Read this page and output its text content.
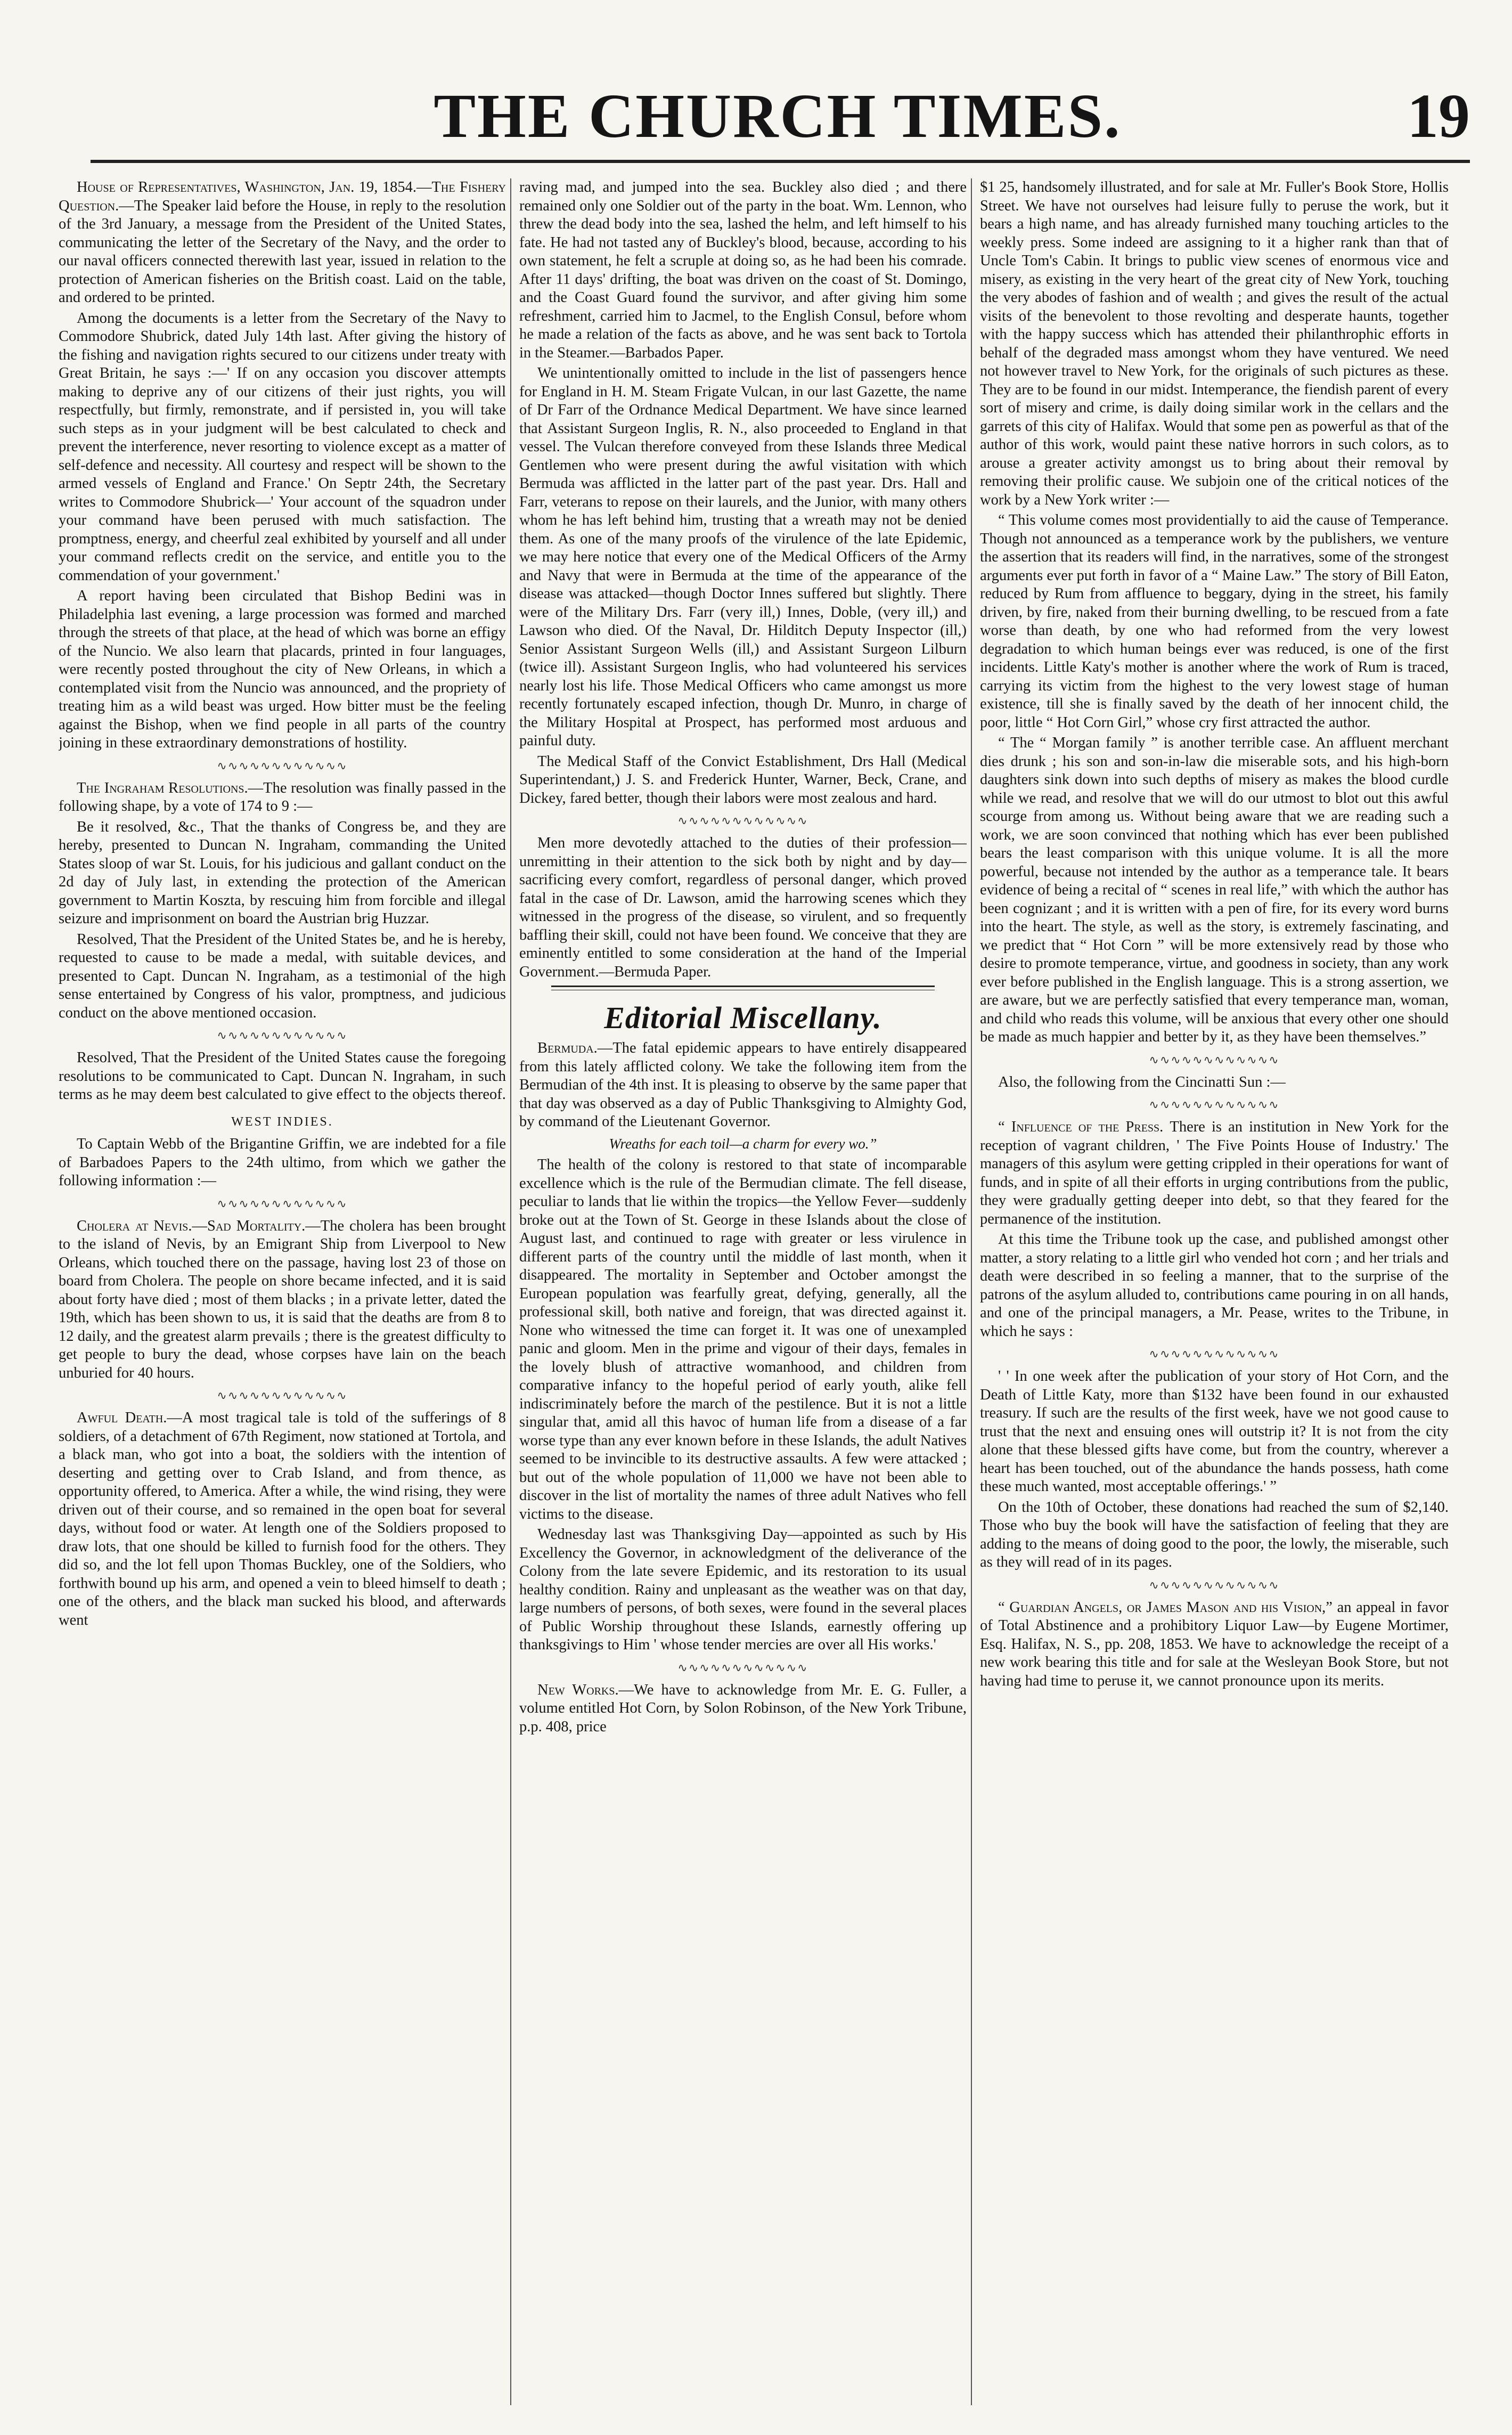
THE CHURCH TIMES.	19

House of Representatives, Washington, Jan. 19, 1854.—The Fishery Question.—The Speaker laid before the House, in reply to the resolution of the 3rd January, a message from the President of the United States, communicating the letter of the Secretary of the Navy, and the order to our naval officers connected therewith last year, issued in relation to the protection of American fisheries on the British coast. Laid on the table, and ordered to be printed.

Among the documents is a letter from the Secretary of the Navy to Commodore Shubrick, dated July 14th last. After giving the history of the fishing and navigation rights secured to our citizens under treaty with Great Britain, he says :—' If on any occasion you discover attempts making to deprive any of our citizens of their just rights, you will respectfully, but firmly, remonstrate, and if persisted in, you will take such steps as in your judgment will be best calculated to check and prevent the interference, never resorting to violence except as a matter of self-defence and necessity. All courtesy and respect will be shown to the armed vessels of England and France.' On Septr 24th, the Secretary writes to Commodore Shubrick—' Your account of the squadron under your command have been perused with much satisfaction. The promptness, energy, and cheerful zeal exhibited by yourself and all under your command reflects credit on the service, and entitle you to the commendation of your government.'

A report having been circulated that Bishop Bedini was in Philadelphia last evening, a large procession was formed and marched through the streets of that place, at the head of which was borne an effigy of the Nuncio. We also learn that placards, printed in four languages, were recently posted throughout the city of New Orleans, in which a contemplated visit from the Nuncio was announced, and the propriety of treating him as a wild beast was urged. How bitter must be the feeling against the Bishop, when we find people in all parts of the country joining in these extraordinary demonstrations of hostility.

∿∿∿∿∿∿∿∿∿∿∿∿

The Ingraham Resolutions.—The resolution was finally passed in the following shape, by a vote of 174 to 9 :—

Be it resolved, &c., That the thanks of Congress be, and they are hereby, presented to Duncan N. Ingraham, commanding the United States sloop of war St. Louis, for his judicious and gallant conduct on the 2d day of July last, in extending the protection of the American government to Martin Koszta, by rescuing him from forcible and illegal seizure and imprisonment on board the Austrian brig Huzzar.

Resolved, That the President of the United States be, and he is hereby, requested to cause to be made a medal, with suitable devices, and presented to Capt. Duncan N. Ingraham, as a testimonial of the high sense entertained by Congress of his valor, promptness, and judicious conduct on the above mentioned occasion.

∿∿∿∿∿∿∿∿∿∿∿∿

Resolved, That the President of the United States cause the foregoing resolutions to be communicated to Capt. Duncan N. Ingraham, in such terms as he may deem best calculated to give effect to the objects thereof.

WEST INDIES.

To Captain Webb of the Brigantine Griffin, we are indebted for a file of Barbadoes Papers to the 24th ultimo, from which we gather the following information :—

∿∿∿∿∿∿∿∿∿∿∿∿

Cholera at Nevis.—Sad Mortality.—The cholera has been brought to the island of Nevis, by an Emigrant Ship from Liverpool to New Orleans, which touched there on the passage, having lost 23 of those on board from Cholera. The people on shore became infected, and it is said about forty have died ; most of them blacks ; in a private letter, dated the 19th, which has been shown to us, it is said that the deaths are from 8 to 12 daily, and the greatest alarm prevails ; there is the greatest difficulty to get people to bury the dead, whose corpses have lain on the beach unburied for 40 hours.

∿∿∿∿∿∿∿∿∿∿∿∿

Awful Death.—A most tragical tale is told of the sufferings of 8 soldiers, of a detachment of 67th Regiment, now stationed at Tortola, and a black man, who got into a boat, the soldiers with the intention of deserting and getting over to Crab Island, and from thence, as opportunity offered, to America. After a while, the wind rising, they were driven out of their course, and so remained in the open boat for several days, without food or water. At length one of the Soldiers proposed to draw lots, that one should be killed to furnish food for the others. They did so, and the lot fell upon Thomas Buckley, one of the Soldiers, who forthwith bound up his arm, and opened a vein to bleed himself to death ; one of the others, and the black man sucked his blood, and afterwards went

raving mad, and jumped into the sea. Buckley also died ; and there remained only one Soldier out of the party in the boat. Wm. Lennon, who threw the dead body into the sea, lashed the helm, and left himself to his fate. He had not tasted any of Buckley's blood, because, according to his own statement, he felt a scruple at doing so, as he had been his comrade. After 11 days' drifting, the boat was driven on the coast of St. Domingo, and the Coast Guard found the survivor, and after giving him some refreshment, carried him to Jacmel, to the English Consul, before whom he made a relation of the facts as above, and he was sent back to Tortola in the Steamer.—Barbados Paper.

We unintentionally omitted to include in the list of passengers hence for England in H. M. Steam Frigate Vulcan, in our last Gazette, the name of Dr Farr of the Ordnance Medical Department. We have since learned that Assistant Surgeon Inglis, R. N., also proceeded to England in that vessel. The Vulcan therefore conveyed from these Islands three Medical Gentlemen who were present during the awful visitation with which Bermuda was afflicted in the latter part of the past year. Drs. Hall and Farr, veterans to repose on their laurels, and the Junior, with many others whom he has left behind him, trusting that a wreath may not be denied them. As one of the many proofs of the virulence of the late Epidemic, we may here notice that every one of the Medical Officers of the Army and Navy that were in Bermuda at the time of the appearance of the disease was attacked—though Doctor Innes suffered but slightly. There were of the Military Drs. Farr (very ill,) Innes, Doble, (very ill,) and Lawson who died. Of the Naval, Dr. Hilditch Deputy Inspector (ill,) Senior Assistant Surgeon Wells (ill,) and Assistant Surgeon Lilburn (twice ill). Assistant Surgeon Inglis, who had volunteered his services nearly lost his life. Those Medical Officers who came amongst us more recently fortunately escaped infection, though Dr. Munro, in charge of the Military Hospital at Prospect, has performed most arduous and painful duty.

The Medical Staff of the Convict Establishment, Drs Hall (Medical Superintendant,) J. S. and Frederick Hunter, Warner, Beck, Crane, and Dickey, fared better, though their labors were most zealous and hard.

∿∿∿∿∿∿∿∿∿∿∿∿

Men more devotedly attached to the duties of their profession—unremitting in their attention to the sick both by night and by day—sacrificing every comfort, regardless of personal danger, which proved fatal in the case of Dr. Lawson, amid the harrowing scenes which they witnessed in the progress of the disease, so virulent, and so frequently baffling their skill, could not have been found. We conceive that they are eminently entitled to some consideration at the hand of the Imperial Government.—Bermuda Paper.

Editorial Miscellany.

Bermuda.—The fatal epidemic appears to have entirely disappeared from this lately afflicted colony. We take the following item from the Bermudian of the 4th inst. It is pleasing to observe by the same paper that that day was observed as a day of Public Thanksgiving to Almighty God, by command of the Lieutenant Governor.

Wreaths for each toil—a charm for every wo.”

The health of the colony is restored to that state of incomparable excellence which is the rule of the Bermudian climate. The fell disease, peculiar to lands that lie within the tropics—the Yellow Fever—suddenly broke out at the Town of St. George in these Islands about the close of August last, and continued to rage with greater or less virulence in different parts of the country until the middle of last month, when it disappeared. The mortality in September and October amongst the European population was fearfully great, defying, generally, all the professional skill, both native and foreign, that was directed against it. None who witnessed the time can forget it. It was one of unexampled panic and gloom. Men in the prime and vigour of their days, females in the lovely blush of attractive womanhood, and children from comparative infancy to the hopeful period of early youth, alike fell indiscriminately before the march of the pestilence. But it is not a little singular that, amid all this havoc of human life from a disease of a far worse type than any ever known before in these Islands, the adult Natives seemed to be invincible to its destructive assaults. A few were attacked ; but out of the whole population of 11,000 we have not been able to discover in the list of mortality the names of three adult Natives who fell victims to the disease.

Wednesday last was Thanksgiving Day—appointed as such by His Excellency the Governor, in acknowledgment of the deliverance of the Colony from the late severe Epidemic, and its restoration to its usual healthy condition. Rainy and unpleasant as the weather was on that day, large numbers of persons, of both sexes, were found in the several places of Public Worship throughout these Islands, earnestly offering up thanksgivings to Him ' whose tender mercies are over all His works.'

∿∿∿∿∿∿∿∿∿∿∿∿

New Works.—We have to acknowledge from Mr. E. G. Fuller, a volume entitled Hot Corn, by Solon Robinson, of the New York Tribune, p.p. 408, price

$1 25, handsomely illustrated, and for sale at Mr. Fuller's Book Store, Hollis Street. We have not ourselves had leisure fully to peruse the work, but it bears a high name, and has already furnished many touching articles to the weekly press. Some indeed are assigning to it a higher rank than that of Uncle Tom's Cabin. It brings to public view scenes of enormous vice and misery, as existing in the very heart of the great city of New York, touching the very abodes of fashion and of wealth ; and gives the result of the actual visits of the benevolent to those revolting and desperate haunts, together with the happy success which has attended their philanthrophic efforts in behalf of the degraded mass amongst whom they have ventured. We need not however travel to New York, for the originals of such pictures as these. They are to be found in our midst. Intemperance, the fiendish parent of every sort of misery and crime, is daily doing similar work in the cellars and the garrets of this city of Halifax. Would that some pen as powerful as that of the author of this work, would paint these native horrors in such colors, as to arouse a greater activity amongst us to bring about their removal by removing their prolific cause. We subjoin one of the critical notices of the work by a New York writer :—

“ This volume comes most providentially to aid the cause of Temperance. Though not announced as a temperance work by the publishers, we venture the assertion that its readers will find, in the narratives, some of the strongest arguments ever put forth in favor of a “ Maine Law.” The story of Bill Eaton, reduced by Rum from affluence to beggary, dying in the street, his family driven, by fire, naked from their burning dwelling, to be rescued from a fate worse than death, by one who had reformed from the very lowest degradation to which human beings ever was reduced, is one of the first incidents. Little Katy's mother is another where the work of Rum is traced, carrying its victim from the highest to the very lowest stage of human existence, till she is finally saved by the death of her innocent child, the poor, little “ Hot Corn Girl,” whose cry first attracted the author.

“ The “ Morgan family ” is another terrible case. An affluent merchant dies drunk ; his son and son-in-law die miserable sots, and his high-born daughters sink down into such depths of misery as makes the blood curdle while we read, and resolve that we will do our utmost to blot out this awful scourge from among us. Without being aware that we are reading such a work, we are soon convinced that nothing which has ever been published bears the least comparison with this unique volume. It is all the more powerful, because not intended by the author as a temperance tale. It bears evidence of being a recital of “ scenes in real life,” with which the author has been cognizant ; and it is written with a pen of fire, for its every word burns into the heart. The style, as well as the story, is extremely fascinating, and we predict that “ Hot Corn ” will be more extensively read by those who desire to promote temperance, virtue, and goodness in society, than any work ever before published in the English language. This is a strong assertion, we are aware, but we are perfectly satisfied that every temperance man, woman, and child who reads this volume, will be anxious that every other one should be made as much happier and better by it, as they have been themselves.”

∿∿∿∿∿∿∿∿∿∿∿∿

Also, the following from the Cincinatti Sun :—

∿∿∿∿∿∿∿∿∿∿∿∿

“ Influence of the Press. There is an institution in New York for the reception of vagrant children, ' The Five Points House of Industry.' The managers of this asylum were getting crippled in their operations for want of funds, and in spite of all their efforts in urging contributions from the public, they were gradually getting deeper into debt, so that they feared for the permanence of the institution.

At this time the Tribune took up the case, and published amongst other matter, a story relating to a little girl who vended hot corn ; and her trials and death were described in so feeling a manner, that to the surprise of the patrons of the asylum alluded to, contributions came pouring in on all hands, and one of the principal managers, a Mr. Pease, writes to the Tribune, in which he says :

∿∿∿∿∿∿∿∿∿∿∿∿

' ' In one week after the publication of your story of Hot Corn, and the Death of Little Katy, more than $132 have been found in our exhausted treasury. If such are the results of the first week, have we not good cause to trust that the next and ensuing ones will outstrip it? It is not from the city alone that these blessed gifts have come, but from the country, wherever a heart has been touched, out of the abundance the hands possess, hath come these much wanted, most acceptable offerings.' ”

On the 10th of October, these donations had reached the sum of $2,140. Those who buy the book will have the satisfaction of feeling that they are adding to the means of doing good to the poor, the lowly, the miserable, such as they will read of in its pages.

∿∿∿∿∿∿∿∿∿∿∿∿

“ Guardian Angels, or James Mason and his Vision,” an appeal in favor of Total Abstinence and a prohibitory Liquor Law—by Eugene Mortimer, Esq. Halifax, N. S., pp. 208, 1853. We have to acknowledge the receipt of a new work bearing this title and for sale at the Wesleyan Book Store, but not having had time to peruse it, we cannot pronounce upon its merits.
